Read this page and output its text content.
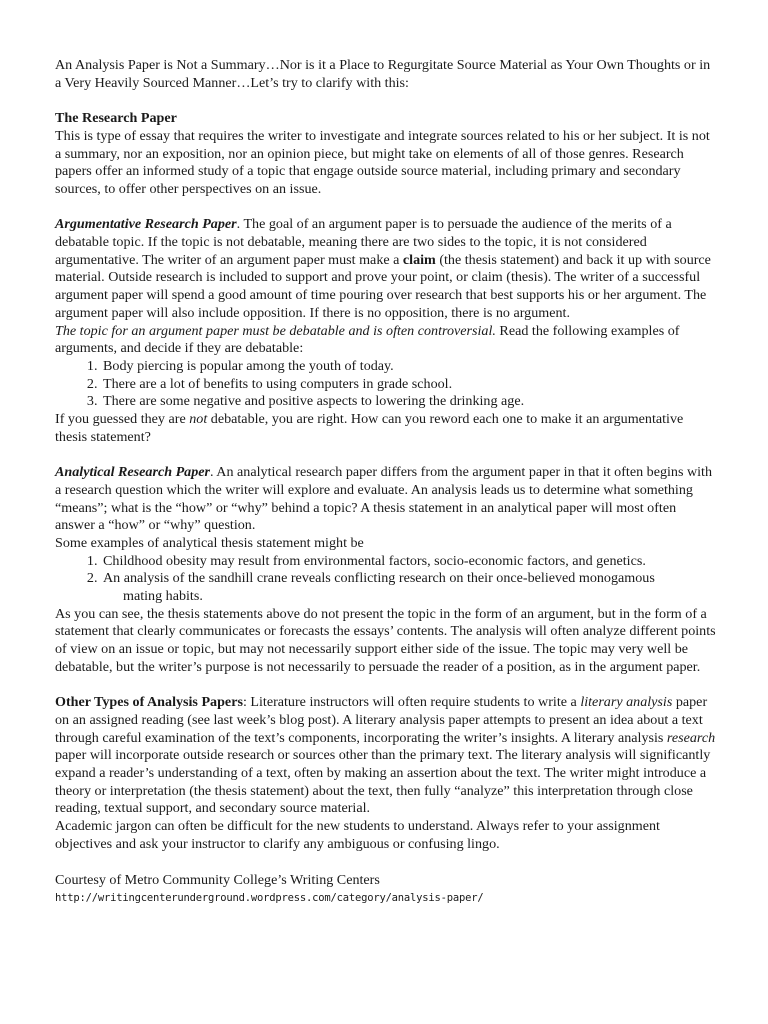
An Analysis Paper is Not a Summary…Nor is it a Place to Regurgitate Source Material as Your Own Thoughts or in a Very Heavily Sourced Manner…Let’s try to clarify with this:

The Research Paper

This is type of essay that requires the writer to investigate and integrate sources related to his or her subject. It is not a summary, nor an exposition, nor an opinion piece, but might take on elements of all of those genres. Research papers offer an informed study of a topic that engage outside source material, including primary and secondary sources, to offer other perspectives on an issue.

Argumentative Research Paper. The goal of an argument paper is to persuade the audience of the merits of a debatable topic. If the topic is not debatable, meaning there are two sides to the topic, it is not considered argumentative. The writer of an argument paper must make a claim (the thesis statement) and back it up with source material. Outside research is included to support and prove your point, or claim (thesis). The writer of a successful argument paper will spend a good amount of time pouring over research that best supports his or her argument. The argument paper will also include opposition. If there is no opposition, there is no argument.

The topic for an argument paper must be debatable and is often controversial. Read the following examples of arguments, and decide if they are debatable:

1. Body piercing is popular among the youth of today.
2. There are a lot of benefits to using computers in grade school.
3. There are some negative and positive aspects to lowering the drinking age.

If you guessed they are not debatable, you are right. How can you reword each one to make it an argumentative thesis statement?

Analytical Research Paper. An analytical research paper differs from the argument paper in that it often begins with a research question which the writer will explore and evaluate. An analysis leads us to determine what something “means”; what is the “how” or “why” behind a topic? A thesis statement in an analytical paper will most often answer a “how” or “why” question.

Some examples of analytical thesis statement might be

1. Childhood obesity may result from environmental factors, socio-economic factors, and genetics.
2. An analysis of the sandhill crane reveals conflicting research on their once-believed monogamous
mating habits.

As you can see, the thesis statements above do not present the topic in the form of an argument, but in the form of a statement that clearly communicates or forecasts the essays’ contents. The analysis will often analyze different points of view on an issue or topic, but may not necessarily support either side of the issue. The topic may very well be debatable, but the writer’s purpose is not necessarily to persuade the reader of a position, as in the argument paper.

Other Types of Analysis Papers: Literature instructors will often require students to write a literary analysis paper on an assigned reading (see last week’s blog post). A literary analysis paper attempts to present an idea about a text through careful examination of the text’s components, incorporating the writer’s insights. A literary analysis research paper will incorporate outside research or sources other than the primary text. The literary analysis will significantly expand a reader’s understanding of a text, often by making an assertion about the text. The writer might introduce a theory or interpretation (the thesis statement) about the text, then fully “analyze” this interpretation through close reading, textual support, and secondary source material.

Academic jargon can often be difficult for the new students to understand. Always refer to your assignment objectives and ask your instructor to clarify any ambiguous or confusing lingo.

Courtesy of Metro Community College’s Writing Centers http://writingcenterunderground.wordpress.com/category/analysis-paper/
